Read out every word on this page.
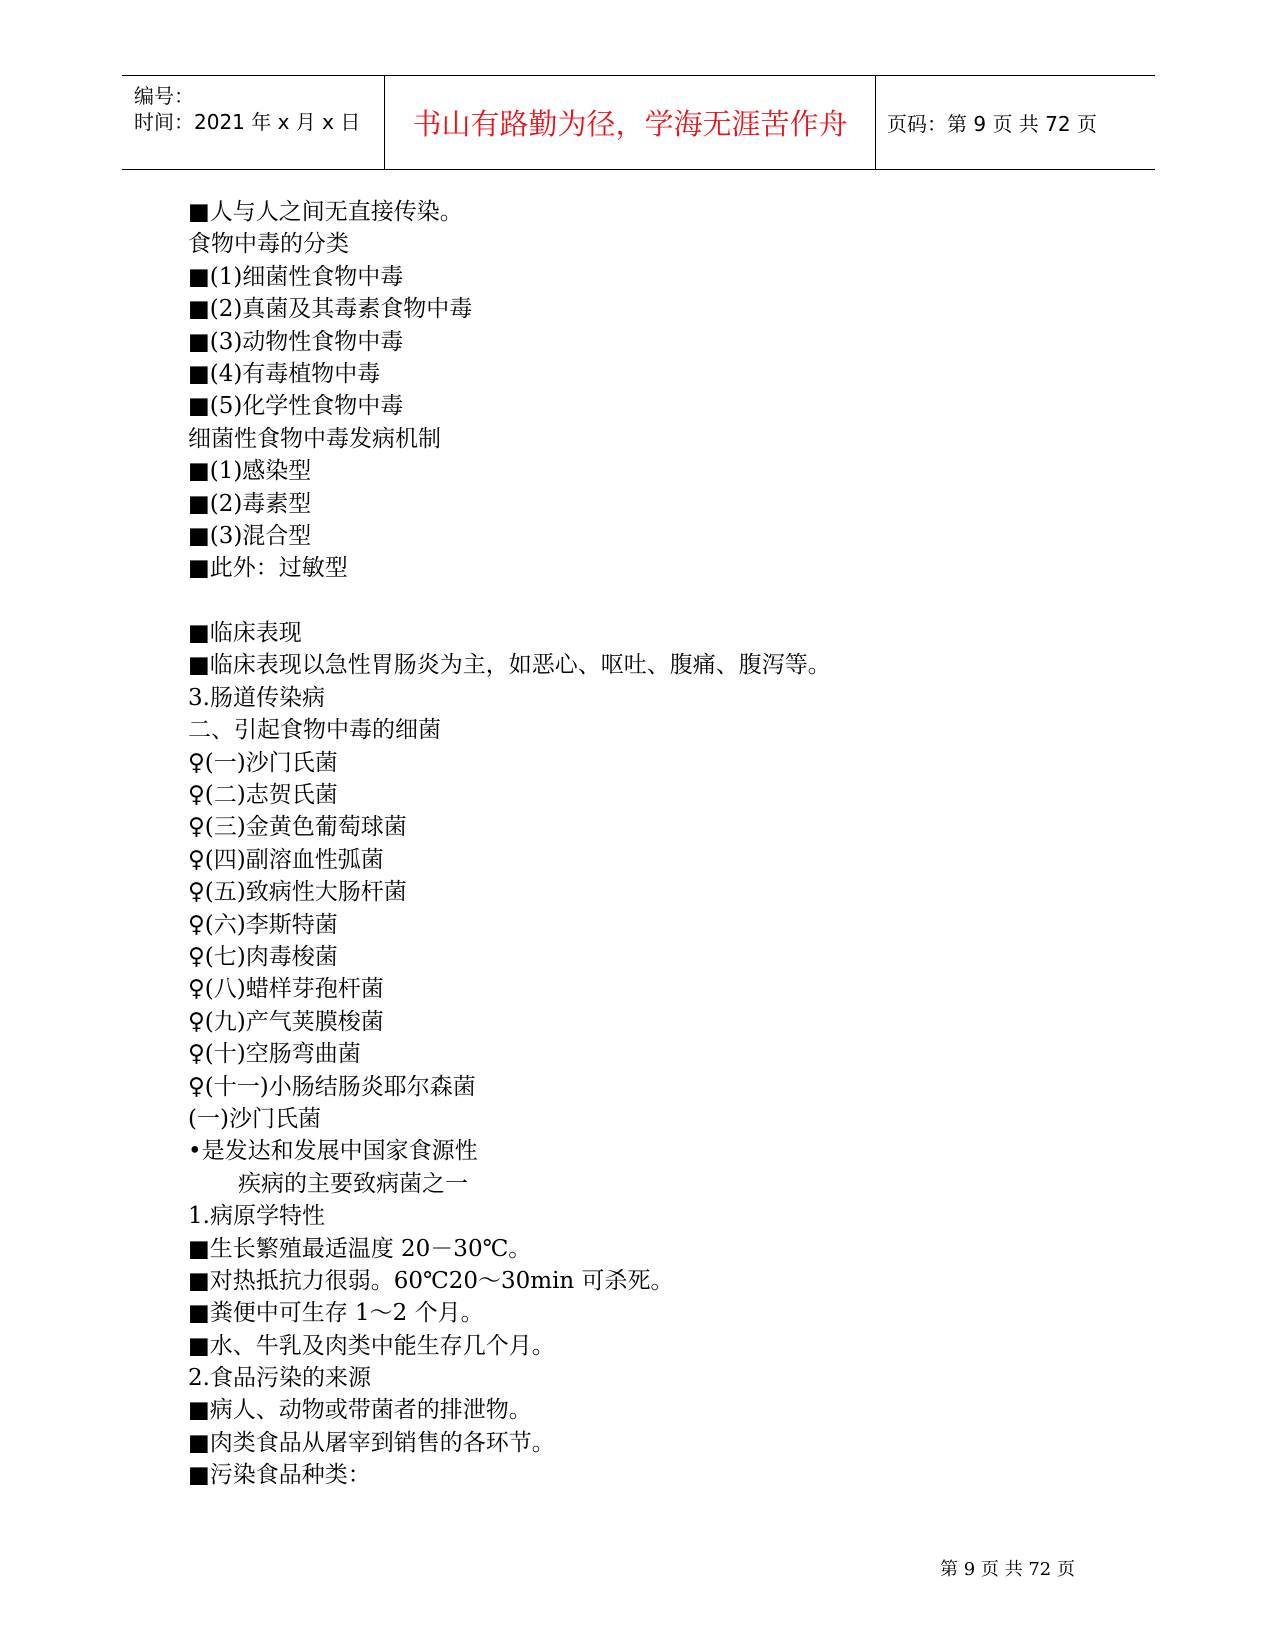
编号：
时间：2021 年 x 月 x 日	书山有路勤为径，学海无涯苦作舟	页码：第 9 页 共 72 页
■人与人之间无直接传染。
食物中毒的分类
■(1)细菌性食物中毒
■(2)真菌及其毒素食物中毒
■(3)动物性食物中毒
■(4)有毒植物中毒
■(5)化学性食物中毒
细菌性食物中毒发病机制
■(1)感染型
■(2)毒素型
■(3)混合型
■此外：过敏型
■临床表现
■临床表现以急性胃肠炎为主，如恶心、呕吐、腹痛、腹泻等。
3.肠道传染病
二、引起食物中毒的细菌
♀(一)沙门氏菌
♀(二)志贺氏菌
♀(三)金黄色葡萄球菌
♀(四)副溶血性弧菌
♀(五)致病性大肠杆菌
♀(六)李斯特菌
♀(七)肉毒梭菌
♀(八)蜡样芽孢杆菌
♀(九)产气荚膜梭菌
♀(十)空肠弯曲菌
♀(十一)小肠结肠炎耶尔森菌
(一)沙门氏菌
•是发达和发展中国家食源性
疾病的主要致病菌之一
1.病原学特性
■生长繁殖最适温度 20－30℃。
■对热抵抗力很弱。60℃20～30min 可杀死。
■粪便中可生存 1～2 个月。
■水、牛乳及肉类中能生存几个月。
2.食品污染的来源
■病人、动物或带菌者的排泄物。
■肉类食品从屠宰到销售的各环节。
■污染食品种类：
第 9 页 共 72 页
